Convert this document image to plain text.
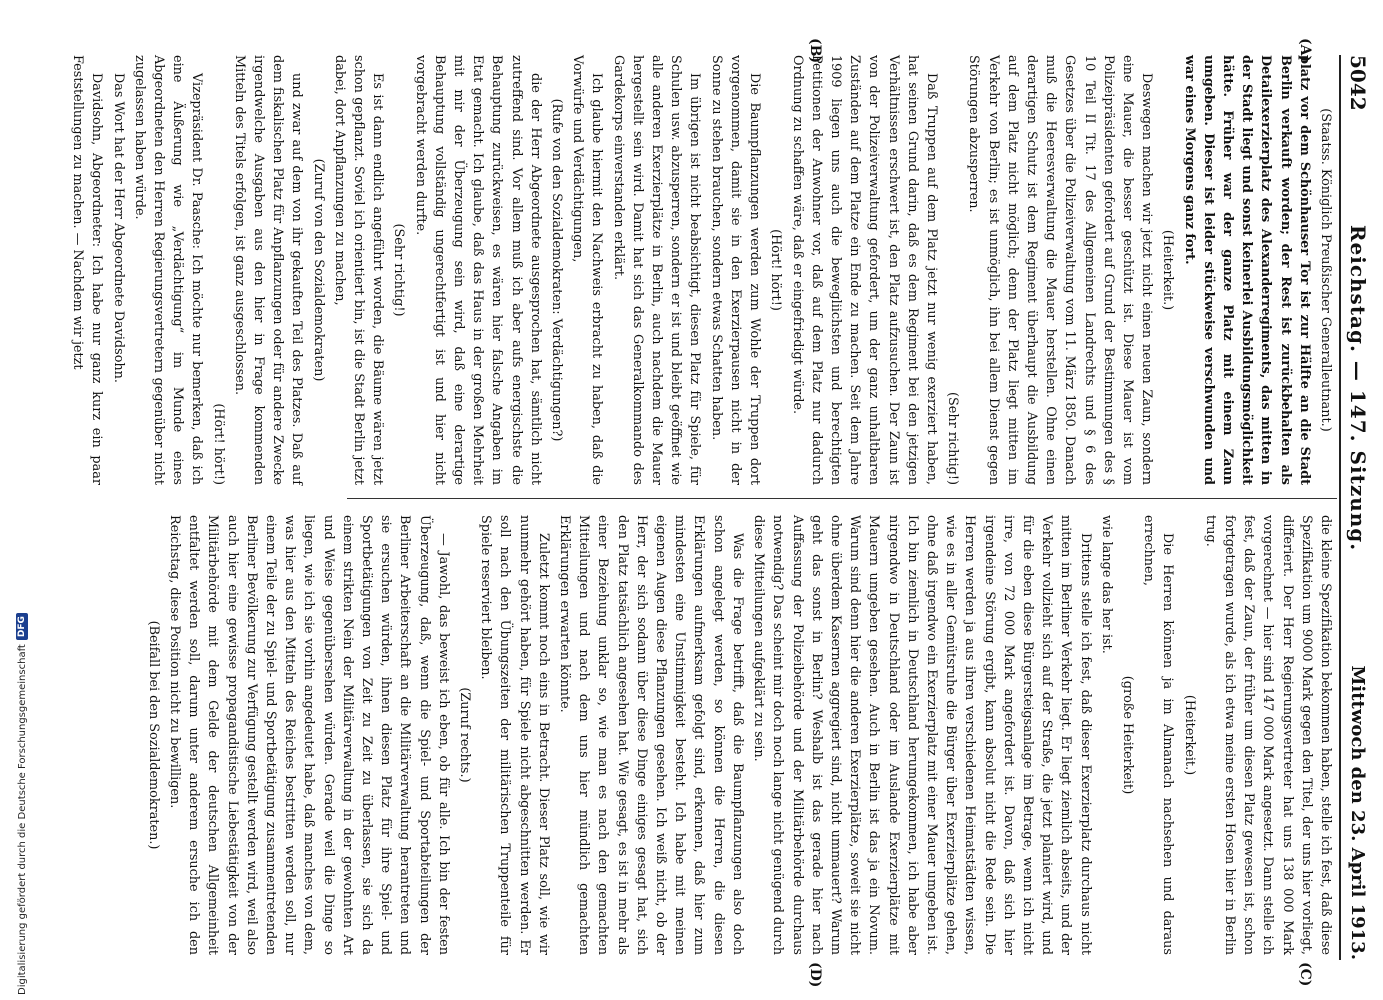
Digitalisierung gefördert durch die Deutsche Forschungsgemeinschaft
DFG
5042
Reichstag. — 147. Sitzung.
Mittwoch den 23. April 1913.
(A)
(B)
(C)
(D)

(Staatss. Königlich Preußischer Generalleutnant.)

platz vor dem Schönhauser Tor ist zur Hälfte an die Stadt Berlin verkauft worden; der Rest ist zurückbehalten als Detailexerzierplatz des Alexanderregiments, das mitten in der Stadt liegt und sonst keinerlei Ausbildungsmöglichkeit hätte. Früher war der ganze Platz mit einem Zaun umgeben. Dieser ist leider stückweise verschwunden und war eines Morgens ganz fort.

(Heiterkeit.)

Deswegen machen wir jetzt nicht einen neuen Zaun, sondern eine Mauer, die besser geschützt ist. Diese Mauer ist vom Polizeipräsidenten gefordert auf Grund der Bestimmungen des § 10 Teil II Tit. 17 des Allgemeinen Landrechts und § 6 des Gesetzes über die Polizeiverwaltung vom 11. März 1850. Danach muß die Heeresverwaltung die Mauer herstellen. Ohne einen derartigen Schutz ist dem Regiment überhaupt die Ausbildung auf dem Platz nicht möglich; denn der Platz liegt mitten im Verkehr von Berlin; es ist unmöglich, ihn bei allem Dienst gegen Störungen abzusperren.

(Sehr richtig!)

Daß Truppen auf dem Platz jetzt nur wenig exerziert haben, hat seinen Grund darin, daß es dem Regiment bei den jetzigen Verhältnissen erschwert ist, den Platz aufzusuchen. Der Zaun ist von der Polizeiverwaltung gefordert, um der ganz unhaltbaren Zuständen auf dem Platze ein Ende zu machen. Seit dem Jahre 1909 liegen uns auch die bewegliichsten und berechtigten Petitionen der Anwohner vor, daß auf dem Platz nur dadurch Ordnung zu schaffen wäre, daß er eingefriedigt würde.

(Hört! hört!)

Die Baumpflanzungen werden zum Wohle der Truppen dort vorgenommen, damit sie in den Exerzierpausen nicht in der Sonne zu stehen brauchen, sondern etwas Schatten haben.

Im übrigen ist nicht beabsichtigt, diesen Platz für Spiele, für Schulen usw. abzusperren, sondern er ist und bleibt geöffnet wie alle anderen Exerzierplätze in Berlin, auch nachdem die Mauer hergestellt sein wird. Damit hat sich das Generalkommando des Gardekorps einverstanden erklärt.

Ich glaube hiermit den Nachweis erbracht zu haben, daß die Vorwürfe und Verdächtigungen,

(Rufe von den Sozialdemokraten: Verdächtigungen?)

die der Herr Abgeordnete ausgesprochen hat, sämtlich nicht zutreffend sind. Vor allem muß ich aber aufs energischste die Behauptung zurückweisen, es wären hier falsche Angaben im Etat gemacht. Ich glaube, daß das Haus in der großen Mehrheit mit mir der Überzeugung sein wird, daß eine derartige Behauptung vollständig ungerechtfertigt ist und hier nicht vorgebracht werden durfte.

(Sehr richtig!)

Es ist dann endlich angeführt worden, die Bäume wären jetzt schon gepflanzt. Soviel ich orientiert bin, ist die Stadt Berlin jetzt dabei, dort Anpflanzungen zu machen,

(Zuruf von den Sozialdemokraten)

und zwar auf dem von ihr gekauften Teil des Platzes. Daß auf dem fiskalischen Platz für Anpflanzungen oder für andere Zwecke irgendwelche Ausgaben aus den hier in Frage kommenden Mitteln des Titels erfolgen, ist ganz ausgeschlossen.

(Hört! hört!)

Vizepräsident Dr. Paasche: Ich möchte nur bemerken, daß ich eine Äußerung wie „Verdächtigung“ im Munde eines Abgeordneten den Herren Regierungsvertretern gegenüber nicht zugelassen haben würde.

Das Wort hat der Herr Abgeordnete Davidsohn.

Davidsohn, Abgeordneter: Ich habe nur ganz kurz ein paar Feststellungen zu machen. — Nachdem wir jetzt

die kleine Spezifikation bekommen haben, stelle ich fest, daß diese Spezifikation um 9000 Mark gegen den Titel, der uns hier vorliegt, differiert. Der Herr Regierungsvertreter hat uns 138 000 Mark vorgerechnet — hier sind 147 000 Mark angesetzt. Dann stelle ich fest, daß der Zaun, der früher um diesen Platz gewesen ist, schon fortgetragen wurde, als ich etwa meine ersten Hosen hier in Berlin trug.

(Heiterkeit.)

Die Herren können ja im Almanach nachsehen und daraus errechnen,

(große Heiterkeit)

wie lange das her ist.

Drittens stelle ich fest, daß dieser Exerzierplatz durchaus nicht mitten im Berliner Verkehr liegt. Er liegt ziemlich abseits, und der Verkehr vollzieht sich auf der Straße, die jetzt planiert wird, und für die eben diese Bürgersteigsanlage im Betrage, wenn ich nicht irre, von 72 000 Mark angefordert ist. Davon, daß sich hier irgendeine Störung ergibt, kann absolut nicht die Rede sein. Die Herren werden ja aus ihren verschiedenen Heimatstädten wissen, wie es in aller Gemütsruhe die Bürger über Exerzierplätze gehen, ohne daß irgendwo ein Exerzierplatz mit einer Mauer umgeben ist. Ich bin ziemlich in Deutschland herumgekommen, ich habe aber nirgendwo in Deutschland oder im Auslande Exerzierplätze mit Mauern umgeben gesehen. Auch in Berlin ist das ja ein Novum. Warum sind denn hier die anderen Exerzierplätze, soweit sie nicht ohne überdem Kasernen aggregiert sind, nicht ummauert? Warum geht das sonst in Berlin? Weshalb ist das gerade hier nach Auffassung der Polizeibehörde und der Militärbehörde durchaus notwendig? Das scheint mir doch noch lange nicht genügend durch diese Mitteilungen aufgeklärt zu sein.

Was die Frage betrifft, daß die Baumpflanzungen also doch schon angelegt werden, so können die Herren, die diesen Erklärungen aufmerksam gefolgt sind, erkennen, daß hier zum mindesten eine Unstimmigkeit besteht. Ich habe mit meinen eigenen Augen diese Pflanzungen gesehen. Ich weiß nicht, ob der Herr, der sich sodann über diese Dinge einiges gesagt hat, sich den Platz tatsächlich angesehen hat. Wie gesagt, es ist in mehr als einer Beziehung unklar so, wie man es nach den gemachten Mitteilungen und nach dem uns hier mündlich gemachten Erklärungen erwarten könnte.

Zuletzt kommt noch eins in Betracht. Dieser Platz soll, wie wir nunmehr gehört haben, für Spiele nicht abgeschnitten werden. Er soll nach den Übungszeiten der militärischen Truppenteile für Spiele reserviert bleiben.

(Zuruf rechts.)

— Jawohl, das beweist ich eben, ob für alle. Ich bin der festen Überzeugung, daß, wenn die Spiel- und Sportabteilungen der Berliner Arbeiterschaft an die Militärverwaltung herantreten und sie ersuchen würden, ihnen diesen Platz für ihre Spiel- und Sportbetätigungen von Zeit zu Zeit zu überlassen, sie sich da einem strikten Nein der Militärverwaltung in der gewohnten Art und Weise gegenübersehen würden. Gerade weil die Dinge so liegen, wie ich sie vorhin angedeutet habe, daß manches von dem, was hier aus den Mitteln des Reiches bestritten werden soll, nur einem Teile der zu Spiel- und Sportbetätigung zusammentretenden Berliner Bevölkerung zur Verfügung gestellt werden wird, weil also auch hier eine gewisse propagandistische Liebestätigkeit von der Militärbehörde mit dem Gelde der deutschen Allgemeinheit entfaltet werden soll, darum unter anderem ersuche ich den Reichstag, diese Position nicht zu bewilligen.

(Beifall bei den Sozialdemokraten.)
